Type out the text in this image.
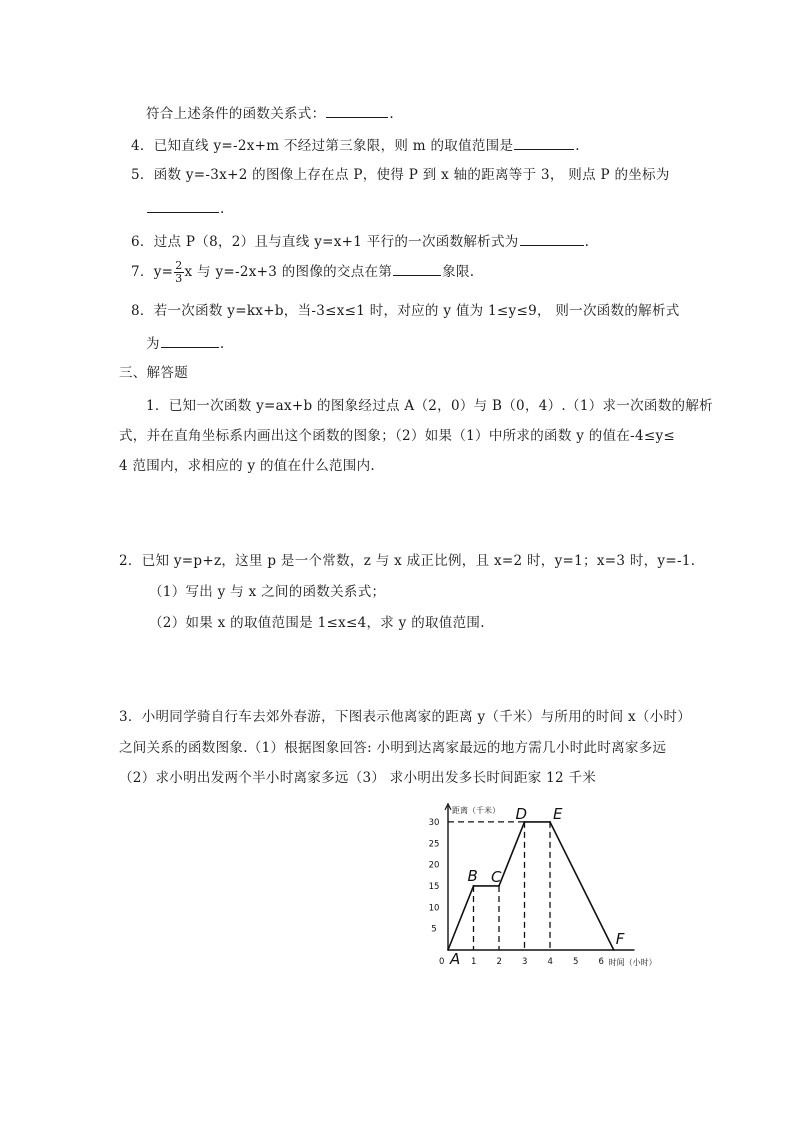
符合上述条件的函数关系式：	.
4．已知直线 y=-2x+m 不经过第三象限，则 m 的取值范围是	.
5．函数 y=-3x+2 的图像上存在点 P，使得 P 到 x 轴的距离等于 3， 则点 P 的坐标为
.
6．过点 P（8，2）且与直线 y=x+1 平行的一次函数解析式为	.
7．$y= \frac{2}{3}$ x 与 y=-2x+3 的图像的交点在第	象限.
8．若一次函数 y=kx+b，当-3≤x≤1 时，对应的 y 值为 1≤y≤9， 则一次函数的解析式
为	.
三、解答题
1．已知一次函数 y=ax+b 的图象经过点 A（2，0）与 B（0，4）.（1）求一次函数的解析
式，并在直角坐标系内画出这个函数的图象；（2）如果（1）中所求的函数 y 的值在-4≤y≤
4 范围内，求相应的 y 的值在什么范围内.
2．已知 y=p+z，这里 p 是一个常数，z 与 x 成正比例，且 x=2 时，y=1；x=3 时，y=-1.
（1）写出 y 与 x 之间的函数关系式；
（2）如果 x 的取值范围是 1≤x≤4，求 y 的取值范围.
3．小明同学骑自行车去郊外春游，下图表示他离家的距离 y（千米）与所用的时间 x（小时）
之间关系的函数图象.（1）根据图象回答: 小明到达离家最远的地方需几小时此时离家多远
（2）求小明出发两个半小时离家多远（3） 求小明出发多长时间距家 12 千米
距离（千米）
时间（小时）
0	1 2 3 4 5 6
5
10
15
20
25
30
A
B C
D E
F
